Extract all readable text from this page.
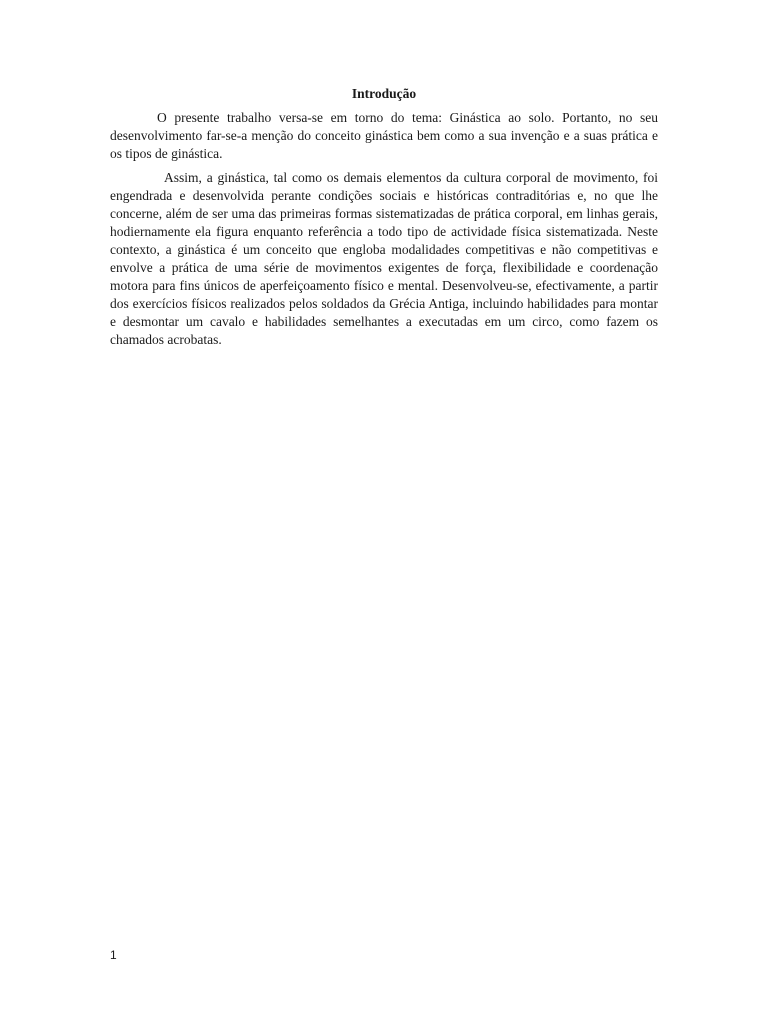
Introdução

O presente trabalho versa-se em torno do tema: Ginástica ao solo. Portanto, no seu desenvolvimento far-se-a menção do conceito ginástica bem como a sua invenção e a suas prática e os tipos de ginástica.

Assim, a ginástica, tal como os demais elementos da cultura corporal de movimento, foi engendrada e desenvolvida perante condições sociais e históricas contraditórias e, no que lhe concerne, além de ser uma das primeiras formas sistematizadas de prática corporal, em linhas gerais, hodiernamente ela figura enquanto referência a todo tipo de actividade física sistematizada. Neste contexto, a ginástica é um conceito que engloba modalidades competitivas e não competitivas e envolve a prática de uma série de movimentos exigentes de força, flexibilidade e coordenação motora para fins únicos de aperfeiçoamento físico e mental. Desenvolveu-se, efectivamente, a partir dos exercícios físicos realizados pelos soldados da Grécia Antiga, incluindo habilidades para montar e desmontar um cavalo e habilidades semelhantes a executadas em um circo, como fazem os chamados acrobatas.

1
